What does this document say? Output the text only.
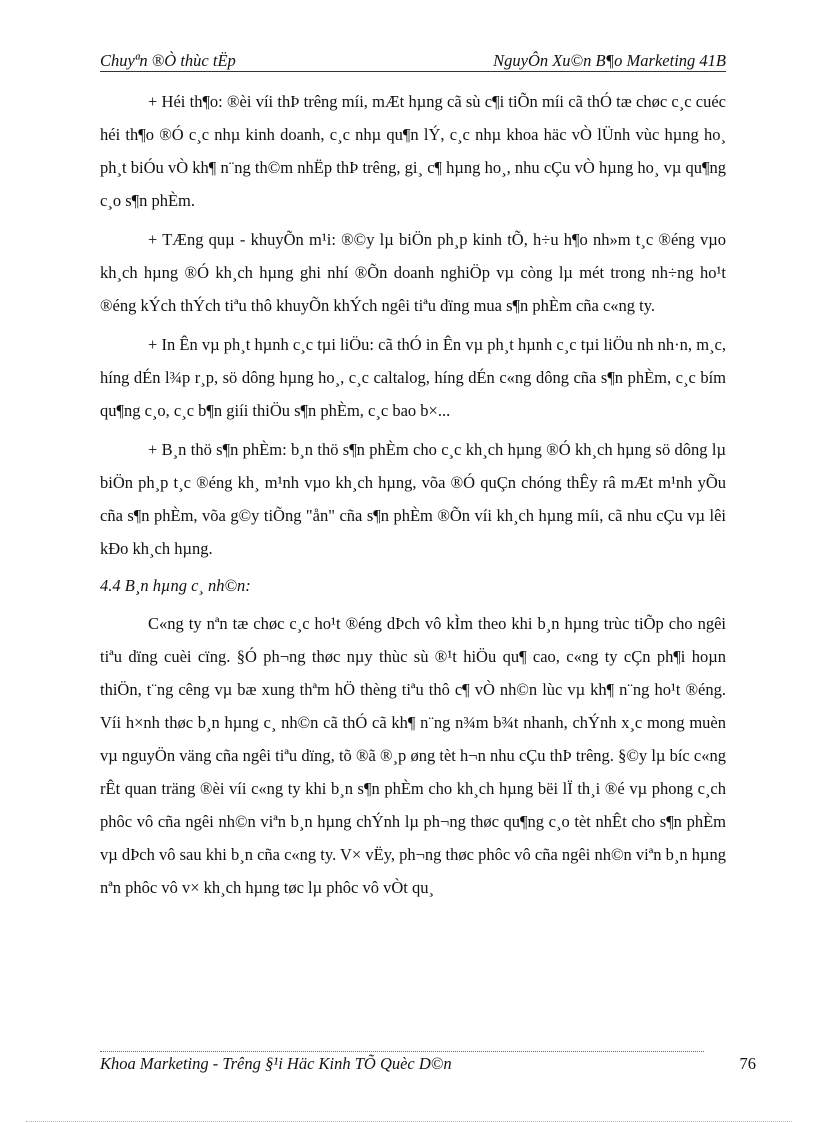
Chuyªn ®Ò thùc tËp	NguyÔn Xu©n B¶o Marketing 41B

+ Héi th¶o: ®èi víi thÞ trêng míi, mÆt hµng cã sù c¶i tiÕn míi cã thÓ tæ chøc c¸c cuéc héi th¶o ®Ó c¸c nhµ kinh doanh, c¸c nhµ qu¶n lÝ, c¸c nhµ khoa häc vÒ lÜnh vùc hµng ho¸ ph¸t biÓu vÒ kh¶ n¨ng th©m nhËp thÞ trêng, gi¸ c¶ hµng ho¸, nhu cÇu vÒ hµng ho¸ vµ qu¶ng c¸o s¶n phÈm.

+ TÆng quµ - khuyÕn m¹i: ®©y lµ biÖn ph¸p kinh tÕ, h÷u h¶o nh»m t¸c ®éng vµo kh¸ch hµng ®Ó kh¸ch hµng ghi nhí ®Õn doanh nghiÖp vµ còng lµ mét trong nh÷ng ho¹t ®éng kÝch thÝch tiªu thô khuyÕn khÝch ngêi tiªu dïng mua s¶n phÈm cña c«ng ty.

+ In Ên vµ ph¸t hµnh c¸c tµi liÖu: cã thÓ in Ên vµ ph¸t hµnh c¸c tµi liÖu nh nh·n, m¸c, híng dÉn l¾p r¸p, sö dông hµng ho¸, c¸c caltalog, híng dÉn c«ng dông cña s¶n phÈm, c¸c bím qu¶ng c¸o, c¸c b¶n giíi thiÖu s¶n phÈm, c¸c bao b×...

+ B¸n thö s¶n phÈm: b¸n thö s¶n phÈm cho c¸c kh¸ch hµng ®Ó kh¸ch hµng sö dông lµ biÖn ph¸p t¸c ®éng kh¸ m¹nh vµo kh¸ch hµng, võa ®Ó quÇn chóng thÊy râ mÆt m¹nh yÕu cña s¶n phÈm, võa g©y tiÕng "ån" cña s¶n phÈm ®Õn víi kh¸ch hµng míi, cã nhu cÇu vµ lêi kÐo kh¸ch hµng.

4.4 B¸n hµng c¸ nh©n:

C«ng ty nªn tæ chøc c¸c ho¹t ®éng dÞch vô kÌm theo khi b¸n hµng trùc tiÕp cho ngêi tiªu dïng cuèi cïng. §Ó ph¬ng thøc nµy thùc sù ®¹t hiÖu qu¶ cao, c«ng ty cÇn ph¶i hoµn thiÖn, t¨ng cêng vµ bæ xung thªm hÖ thèng tiªu thô c¶ vÒ nh©n lùc vµ kh¶ n¨ng ho¹t ®éng. Víi h×nh thøc b¸n hµng c¸ nh©n cã thÓ cã kh¶ n¨ng n¾m b¾t nhanh, chÝnh x¸c mong muèn vµ nguyÖn väng cña ngêi tiªu dïng, tõ ®ã ®¸p øng tèt h¬n nhu cÇu thÞ trêng. §©y lµ bíc c«ng rÊt quan träng ®èi víi c«ng ty khi b¸n s¶n phÈm cho kh¸ch hµng bëi lÏ th¸i ®é vµ phong c¸ch phôc vô cña ngêi nh©n viªn b¸n hµng chÝnh lµ ph¬ng thøc qu¶ng c¸o tèt nhÊt cho s¶n phÈm vµ dÞch vô sau khi b¸n cña c«ng ty. V× vËy, ph¬ng thøc phôc vô cña ngêi nh©n viªn b¸n hµng nªn phôc vô v× kh¸ch hµng tøc lµ phôc vô vÒt qu¸

Khoa Marketing - Trêng §¹i Häc Kinh TÕ Quèc D©n	76
